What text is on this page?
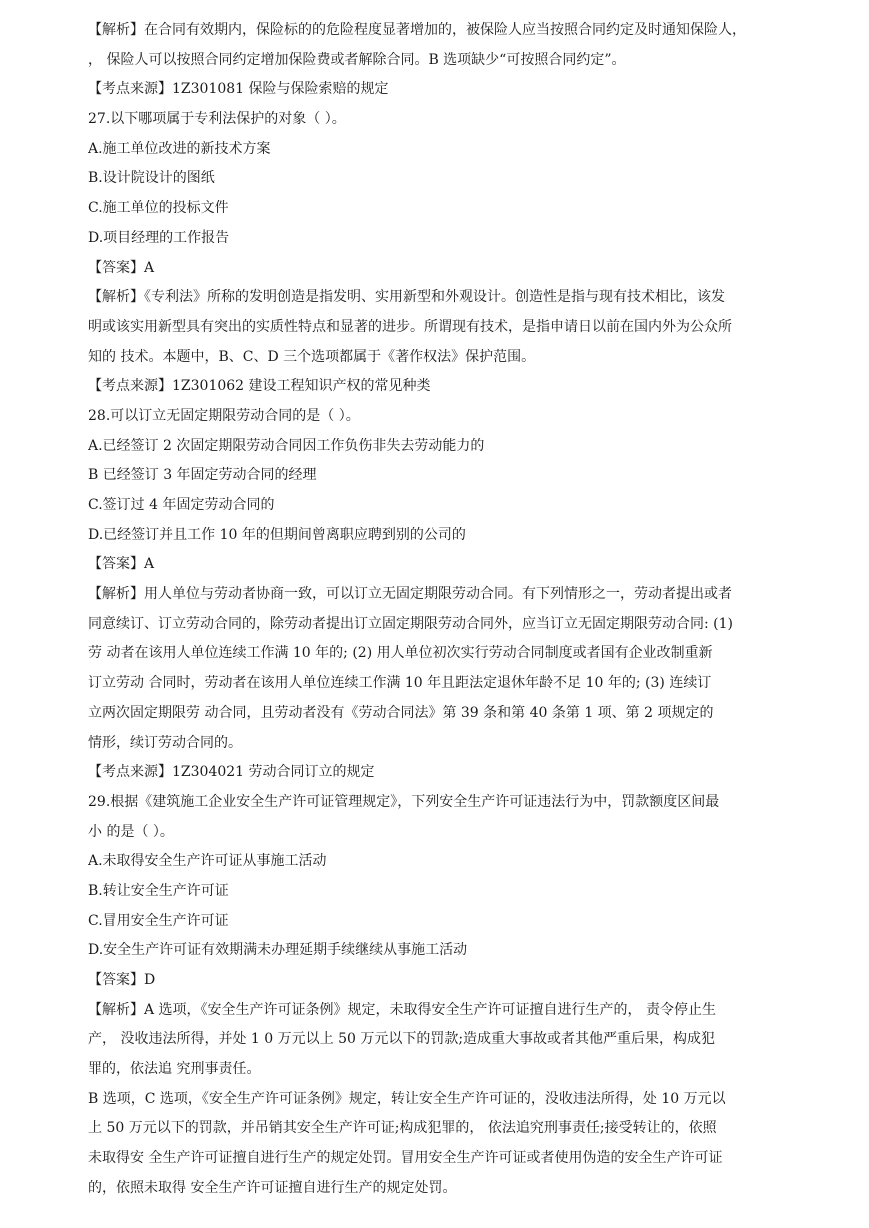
【解析】在合同有效期内，保险标的的危险程度显著增加的，被保险人应当按照合同约定及时通知保险人，
， 保险人可以按照合同约定增加保险费或者解除合同。B 选项缺少“可按照合同约定”。
【考点来源】1Z301081 保险与保险索赔的规定
27.以下哪项属于专利法保护的对象（ ）。
A.施工单位改进的新技术方案
B.设计院设计的图纸
C.施工单位的投标文件
D.项目经理的工作报告
【答案】A
【解析】《专利法》所称的发明创造是指发明、实用新型和外观设计。创造性是指与现有技术相比，该发
明或该实用新型具有突出的实质性特点和显著的进步。所谓现有技术，是指申请日以前在国内外为公众所
知的 技术。本题中，B、C、D 三个选项都属于《著作权法》保护范围。
【考点来源】1Z301062 建设工程知识产权的常见种类
28.可以订立无固定期限劳动合同的是（ ）。
A.已经签订 2 次固定期限劳动合同因工作负伤非失去劳动能力的
B 已经签订 3 年固定劳动合同的经理
C.签订过 4 年固定劳动合同的
D.已经签订并且工作 10 年的但期间曾离职应聘到别的公司的
【答案】A
【解析】用人单位与劳动者协商一致，可以订立无固定期限劳动合同。有下列情形之一，劳动者提出或者
同意续订、订立劳动合同的，除劳动者提出订立固定期限劳动合同外，应当订立无固定期限劳动合同: (1)
劳 动者在该用人单位连续工作满 10 年的; (2) 用人单位初次实行劳动合同制度或者国有企业改制重新
订立劳动 合同时，劳动者在该用人单位连续工作满 10 年且距法定退休年龄不足 10 年的; (3) 连续订
立两次固定期限劳 动合同，且劳动者没有《劳动合同法》第 39 条和第 40 条第 1 项、第 2 项规定的
情形，续订劳动合同的。
【考点来源】1Z304021 劳动合同订立的规定
29.根据《建筑施工企业安全生产许可证管理规定》，下列安全生产许可证违法行为中，罚款额度区间最
小 的是（ ）。
A.未取得安全生产许可证从事施工活动
B.转让安全生产许可证
C.冒用安全生产许可证
D.安全生产许可证有效期满未办理延期手续继续从事施工活动
【答案】D
【解析】A 选项，《安全生产许可证条例》规定，未取得安全生产许可证擅自进行生产的， 责令停止生
产， 没收违法所得，并处 1 0 万元以上 50 万元以下的罚款;造成重大事故或者其他严重后果，构成犯
罪的，依法追 究刑事责任。
B 选项，C 选项，《安全生产许可证条例》规定，转让安全生产许可证的，没收违法所得，处 10 万元以
上 50 万元以下的罚款，并吊销其安全生产许可证;构成犯罪的， 依法追究刑事责任;接受转让的，依照
未取得安 全生产许可证擅自进行生产的规定处罚。冒用安全生产许可证或者使用伪造的安全生产许可证
的，依照未取得 安全生产许可证擅自进行生产的规定处罚。
